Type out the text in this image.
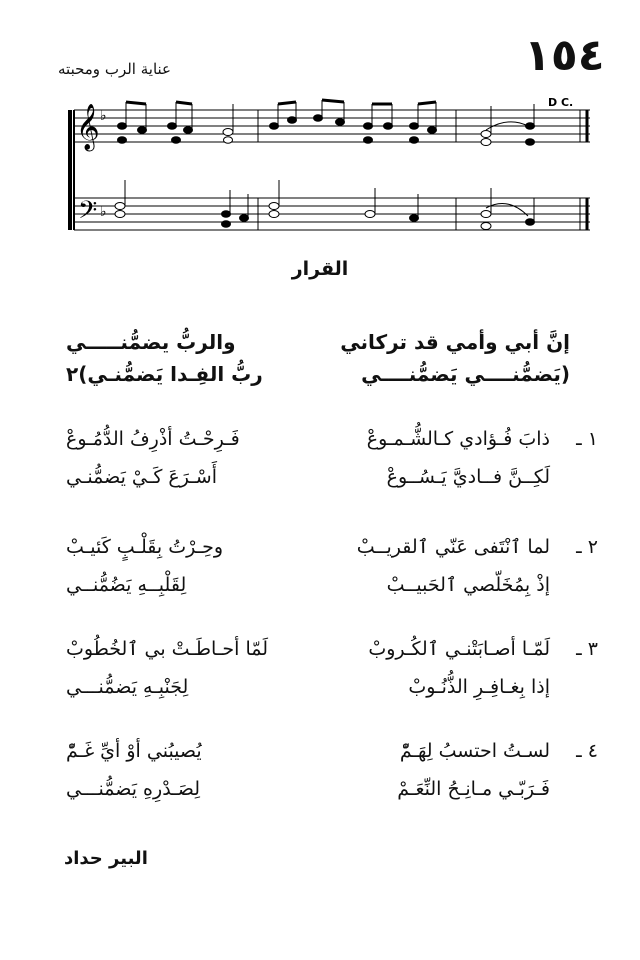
١٥٤
عناية الرب ومحبته
𝄞
𝄢
♭
♭
D C.
القرار
إنَّ أبي وأمي قد تركاني
والربُّ يضمُّنـــــي
(يَضمُّنــــي يَضمُّنــــي
ربُّ الفِـدا يَضمُّنـي)٢
١ ـ
ذابَ فُـؤادي كـالشُّـمـوعْ
فَـرِحْـتُ أذْرِفُ الدُّمُـوعْ
لَكِــنَّ فــاديَّ يَـسُــوعْ
أَسْـرَعَ كَـيْ يَضمُّنـي
٢ ـ
لما ٱنْتَفى عَنّي ٱلقريــبْ
وحِـرْتُ بِقَلْـبٍ كَئيـبْ
إذْ بِمُخَلّصي ٱلحَبيــبْ
لِقَلْبِــهِ يَضُمُّنــي
٣ ـ
لَمّـا أصـابَتْنـي ٱلكُـروبْ
لَمّا أحـاطَـتْ بي ٱلخُطُوبْ
إذا بِغـافِـرِ الذُّنُـوبْ
لِجَنْبِـهِ يَضمُّنـــي
٤ ـ
لسـتُ احتسبُ لِهَـمّْ
يُصيبُني أوْ أيِّ غَـمّْ
فَـرَبّـي مـانِـحُ النِّعَـمْ
لِصَـدْرِهِ يَضمُّنـــي
البير حداد
